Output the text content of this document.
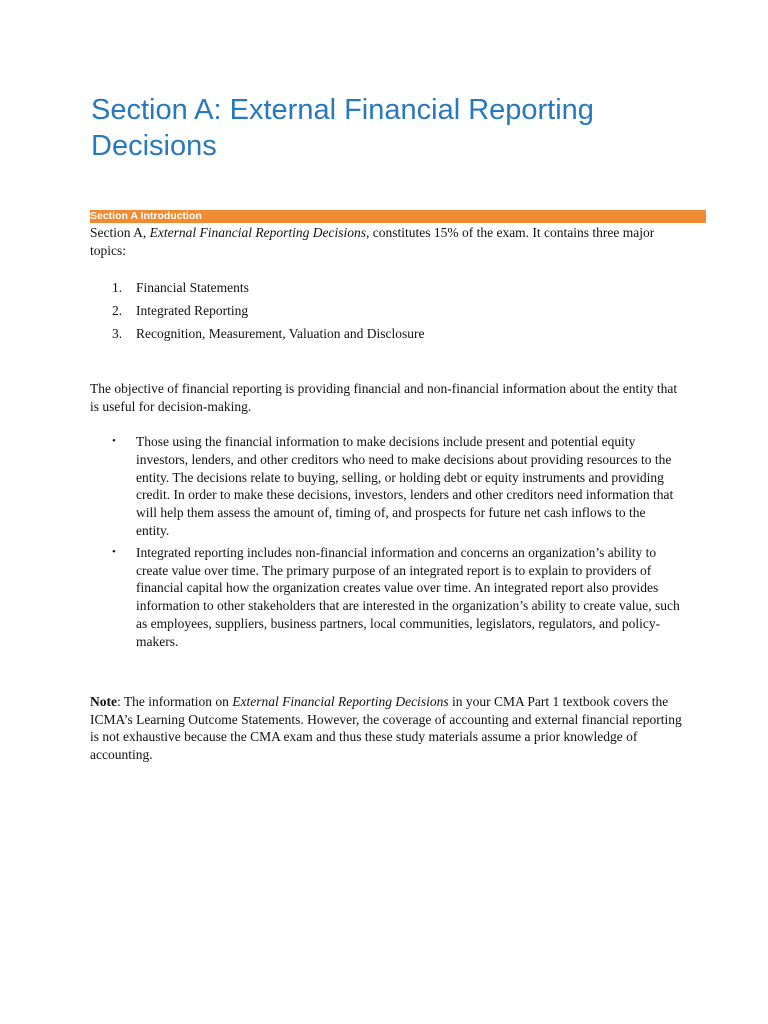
Section A: External Financial Reporting Decisions
Section A Introduction

Section A, External Financial Reporting Decisions, constitutes 15% of the exam. It contains three major topics:

1. Financial Statements
2. Integrated Reporting
3. Recognition, Measurement, Valuation and Disclosure

The objective of financial reporting is providing financial and non-financial information about the entity that is useful for decision-making.

• Those using the financial information to make decisions include present and potential equity investors, lenders, and other creditors who need to make decisions about providing resources to the entity. The decisions relate to buying, selling, or holding debt or equity instruments and providing credit. In order to make these decisions, investors, lenders and other creditors need information that will help them assess the amount of, timing of, and prospects for future net cash inflows to the entity.
• Integrated reporting includes non-financial information and concerns an organization’s ability to create value over time. The primary purpose of an integrated report is to explain to providers of financial capital how the organization creates value over time. An integrated report also provides information to other stakeholders that are interested in the organization’s ability to create value, such as employees, suppliers, business partners, local communities, legislators, regulators, and policy-makers.

Note: The information on External Financial Reporting Decisions in your CMA Part 1 textbook covers the ICMA’s Learning Outcome Statements. However, the coverage of accounting and external financial reporting is not exhaustive because the CMA exam and thus these study materials assume a prior knowledge of accounting.
